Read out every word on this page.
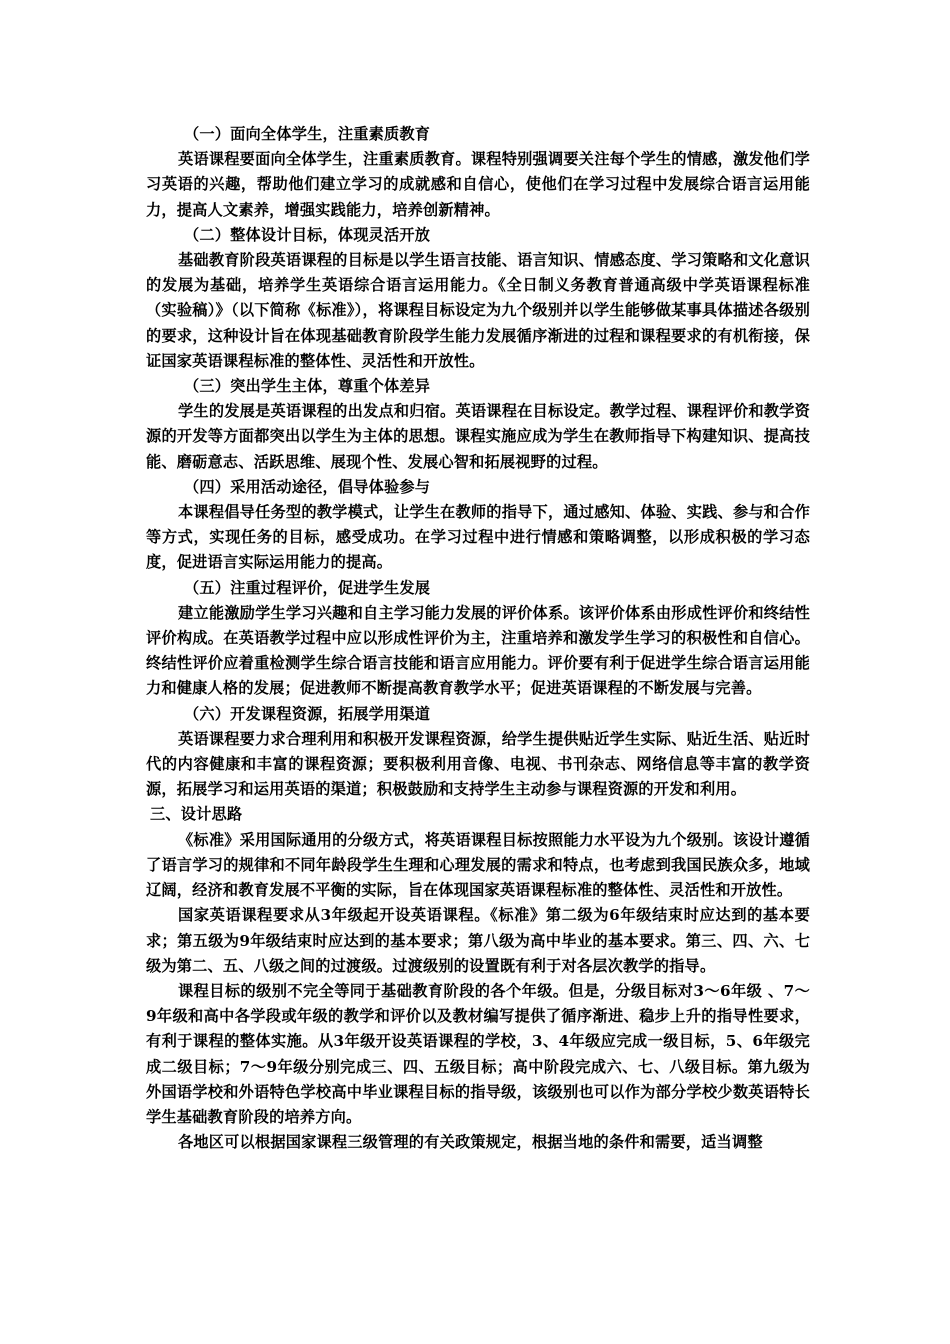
（一）面向全体学生，注重素质教育

英语课程要面向全体学生，注重素质教育。课程特别强调要关注每个学生的情感，激发他们学习英语的兴趣，帮助他们建立学习的成就感和自信心，使他们在学习过程中发展综合语言运用能力，提高人文素养，增强实践能力，培养创新精神。

（二）整体设计目标，体现灵活开放

基础教育阶段英语课程的目标是以学生语言技能、语言知识、情感态度、学习策略和文化意识的发展为基础，培养学生英语综合语言运用能力。《全日制义务教育普通高级中学英语课程标准（实验稿）》（以下简称《标准》），将课程目标设定为九个级别并以学生能够做某事具体描述各级别的要求，这种设计旨在体现基础教育阶段学生能力发展循序渐进的过程和课程要求的有机衔接，保证国家英语课程标准的整体性、灵活性和开放性。

（三）突出学生主体，尊重个体差异

学生的发展是英语课程的出发点和归宿。英语课程在目标设定。教学过程、课程评价和教学资源的开发等方面都突出以学生为主体的思想。课程实施应成为学生在教师指导下构建知识、提高技能、磨砺意志、活跃思维、展现个性、发展心智和拓展视野的过程。

（四）采用活动途径，倡导体验参与

本课程倡导任务型的教学模式，让学生在教师的指导下，通过感知、体验、实践、参与和合作等方式，实现任务的目标，感受成功。在学习过程中进行情感和策略调整，以形成积极的学习态度，促进语言实际运用能力的提高。

（五）注重过程评价，促进学生发展

建立能激励学生学习兴趣和自主学习能力发展的评价体系。该评价体系由形成性评价和终结性评价构成。在英语教学过程中应以形成性评价为主，注重培养和激发学生学习的积极性和自信心。终结性评价应着重检测学生综合语言技能和语言应用能力。评价要有利于促进学生综合语言运用能力和健康人格的发展；促进教师不断提高教育教学水平；促进英语课程的不断发展与完善。

（六）开发课程资源，拓展学用渠道

英语课程要力求合理利用和积极开发课程资源，给学生提供贴近学生实际、贴近生活、贴近时代的内容健康和丰富的课程资源；要积极利用音像、电视、书刊杂志、网络信息等丰富的教学资源，拓展学习和运用英语的渠道；积极鼓励和支持学生主动参与课程资源的开发和利用。

三、设计思路

《标准》采用国际通用的分级方式，将英语课程目标按照能力水平设为九个级别。该设计遵循了语言学习的规律和不同年龄段学生生理和心理发展的需求和特点，也考虑到我国民族众多，地域辽阔，经济和教育发展不平衡的实际，旨在体现国家英语课程标准的整体性、灵活性和开放性。

国家英语课程要求从3年级起开设英语课程。《标准》第二级为6年级结束时应达到的基本要求；第五级为9年级结束时应达到的基本要求；第八级为高中毕业的基本要求。第三、四、六、七级为第二、五、八级之间的过渡级。过渡级别的设置既有利于对各层次教学的指导。

课程目标的级别不完全等同于基础教育阶段的各个年级。但是，分级目标对3～6年级 、7～9年级和高中各学段或年级的教学和评价以及教材编写提供了循序渐进、稳步上升的指导性要求，有利于课程的整体实施。从3年级开设英语课程的学校，3、4年级应完成一级目标，5、6年级完成二级目标；7～9年级分别完成三、四、五级目标；高中阶段完成六、七、八级目标。第九级为外国语学校和外语特色学校高中毕业课程目标的指导级，该级别也可以作为部分学校少数英语特长学生基础教育阶段的培养方向。

各地区可以根据国家课程三级管理的有关政策规定，根据当地的条件和需要，适当调整
